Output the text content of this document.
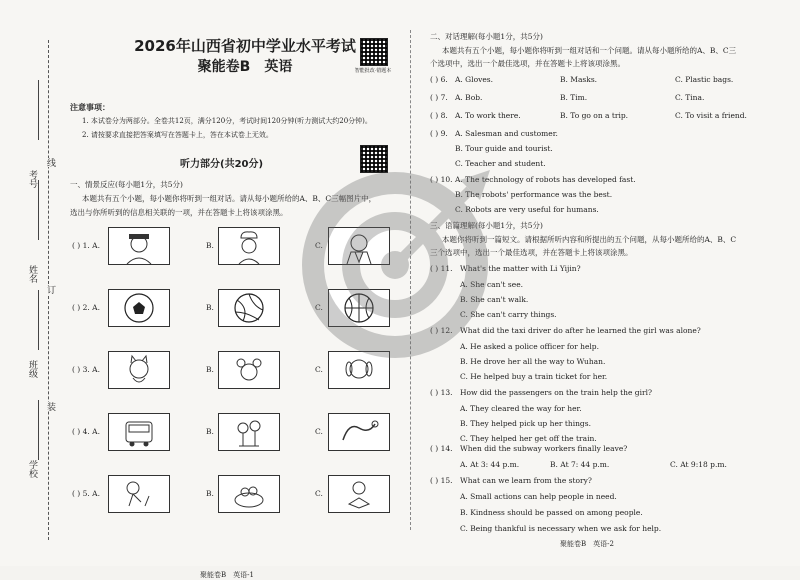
考号
姓名
班级
学校
线
订
装
2026年山西省初中学业水平考试
聚能卷B　英语	智能批改·错题本
注意事项：
1. 本试卷分为两部分。全卷共12页，满分120分，考试时间120分钟(听力测试大约20分钟)。
2. 请按要求直接把答案填写在答题卡上，答在本试卷上无效。
听力部分(共20分)
一、情景反应(每小题1分，共5分)
本题共有五个小题，每小题你将听到一组对话。请从每小题所给的A、B、C三幅图片中，
选出与你所听到的信息相关联的一项，并在答题卡上将该项涂黑。
( ) 1. A.	B.	C.
( ) 2. A.	B.	C.
( ) 3. A.	B.	C.
( ) 4. A.	B.	C.
( ) 5. A.	B.	C.
聚能卷B　英语-1
二、对话理解(每小题1分，共5分)
本题共有五个小题，每小题你将听到一组对话和一个问题。请从每小题所给的A、B、C三
个选项中，选出一个最佳选项，并在答题卡上将该项涂黑。
( ) 6. A. Gloves.	B. Masks.	C. Plastic bags.
( ) 7. A. Bob.	B. Tim.	C. Tina.
( ) 8. A. To work there.	B. To go on a trip.	C. To visit a friend.
( ) 9. A. Salesman and customer.
B. Tour guide and tourist.
C. Teacher and student.
( ) 10. A. The technology of robots has developed fast.
B. The robots' performance was the best.
C. Robots are very useful for humans.
三、语篇理解(每小题1分，共5分)
本题你将听到一篇短文。请根据所听内容和所提出的五个问题，从每小题所给的A、B、C
三个选项中，选出一个最佳选项，并在答题卡上将该项涂黑。
( ) 11. What's the matter with Li Yijin?
A. She can't see.
B. She can't walk.
C. She can't carry things.
( ) 12. What did the taxi driver do after he learned the girl was alone?
A. He asked a police officer for help.
B. He drove her all the way to Wuhan.
C. He helped buy a train ticket for her.
( ) 13. How did the passengers on the train help the girl?
A. They cleared the way for her.
B. They helped pick up her things.
C. They helped her get off the train.
( ) 14. When did the subway workers finally leave?
A. At 3: 44 p.m.	B. At 7: 44 p.m.	C. At 9:18 p.m.
( ) 15. What can we learn from the story?
A. Small actions can help people in need.
B. Kindness should be passed on among people.
C. Being thankful is necessary when we ask for help.
聚能卷B　英语-2
